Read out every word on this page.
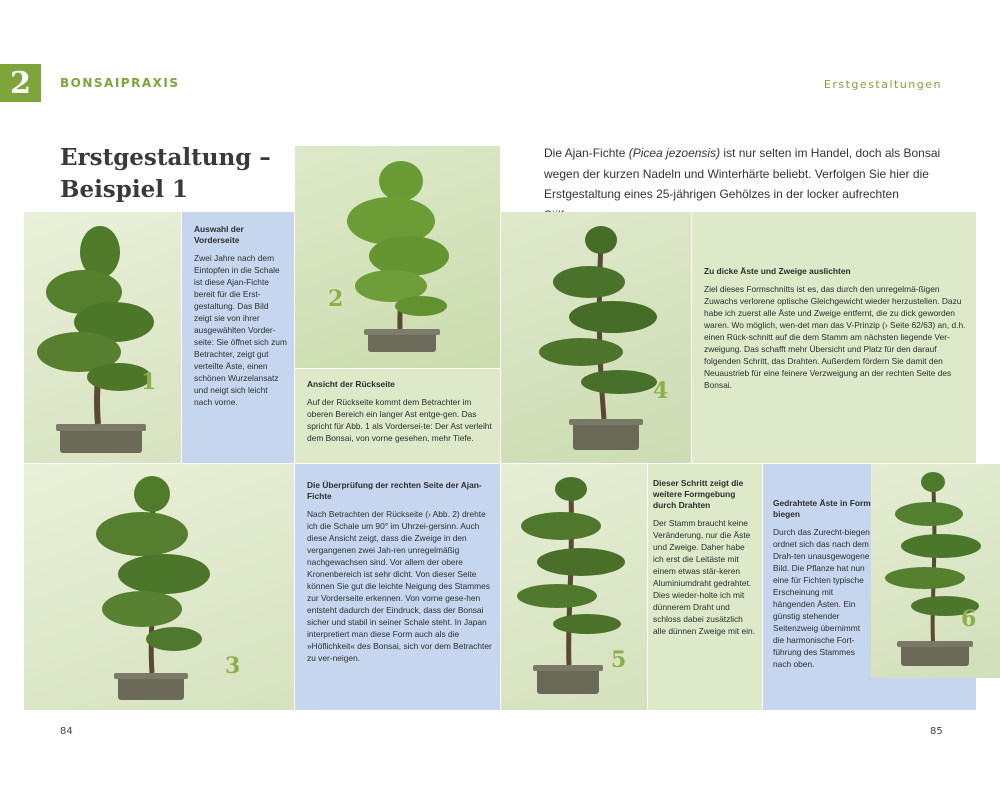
2 BONSAIPRAXIS	Erstgestaltungen
Erstgestaltung –
Beispiel 1
Die Ajan-Fichte (Picea jezoensis) ist nur selten im Handel, doch als Bonsai wegen der kurzen Nadeln und Winterhärte beliebt. Verfolgen Sie hier die Erstgestaltung eines 25-jährigen Gehölzes in der locker aufrechten
1
Auswahl der Vorderseite

Zwei Jahre nach dem Eintopfen in die Schale ist diese Ajan-Fichte bereit für die Erst-gestaltung. Das Bild zeigt sie von ihrer ausgewählten Vorder-seite: Sie öffnet sich zum Betrachter, zeigt gut verteilte Äste, einen schönen Wurzelansatz und neigt sich leicht nach vorne.

2
Ansicht der Rückseite

Auf der Rückseite kommt dem Betrachter im oberen Bereich ein langer Ast entge-gen. Das spricht für Abb. 1 als Vordersei-te: Der Ast verleiht dem Bonsai, von vorne gesehen, mehr Tiefe.

4
Zu dicke Äste und Zweige auslichten

Ziel dieses Formschnitts ist es, das durch den unregelmä-ßigen Zuwachs verlorene optische Gleichgewicht wieder herzustellen. Dazu habe ich zuerst alle Äste und Zweige entfernt, die zu dick geworden waren. Wo möglich, wen-det man das V-Prinzip (› Seite 62/63) an, d.h. einen Rück-schnitt auf die dem Stamm am nächsten liegende Ver-zweigung. Das schafft mehr Übersicht und Platz für den darauf folgenden Schritt, das Drahten. Außerdem fördern Sie damit den Neuaustrieb für eine feinere Verzweigung an der rechten Seite des Bonsai.

3
Die Überprüfung der rechten Seite der Ajan-Fichte

Nach Betrachten der Rückseite (› Abb. 2) drehte ich die Schale um 90° im Uhrzei-gersinn. Auch diese Ansicht zeigt, dass die Zweige in den vergangenen zwei Jah-ren unregelmäßig nachgewachsen sind. Vor allem der obere Kronenbereich ist sehr dicht. Von dieser Seite können Sie gut die leichte Neigung des Stammes zur Vorderseite erkennen. Von vorne gese-hen entsteht dadurch der Eindruck, dass der Bonsai sicher und stabil in seiner Schale steht. In Japan interpretiert man diese Form auch als die »Höflichkeit« des Bonsai, sich vor dem Betrachter zu ver-neigen.	5
Dieser Schritt zeigt die weitere Formgebung durch Drahten

Der Stamm braucht keine Veränderung, nur die Äste und Zweige. Daher habe ich erst die Leitäste mit einem etwas stär-keren Aluminiumdraht gedrahtet. Dies wieder-holte ich mit dünnerem Draht und schloss dabei zusätzlich alle dünnen Zweige mit ein.

Gedrahtete Äste in Form biegen

Durch das Zurecht-biegen ordnet sich das nach dem Drah-ten unausgewogene Bild. Die Pflanze hat nun eine für Fichten typische Erscheinung mit hängenden Ästen. Ein günstig stehender Seitenzweig übernimmt die harmonische Fort-führung des Stammes nach oben.

6
84	85
